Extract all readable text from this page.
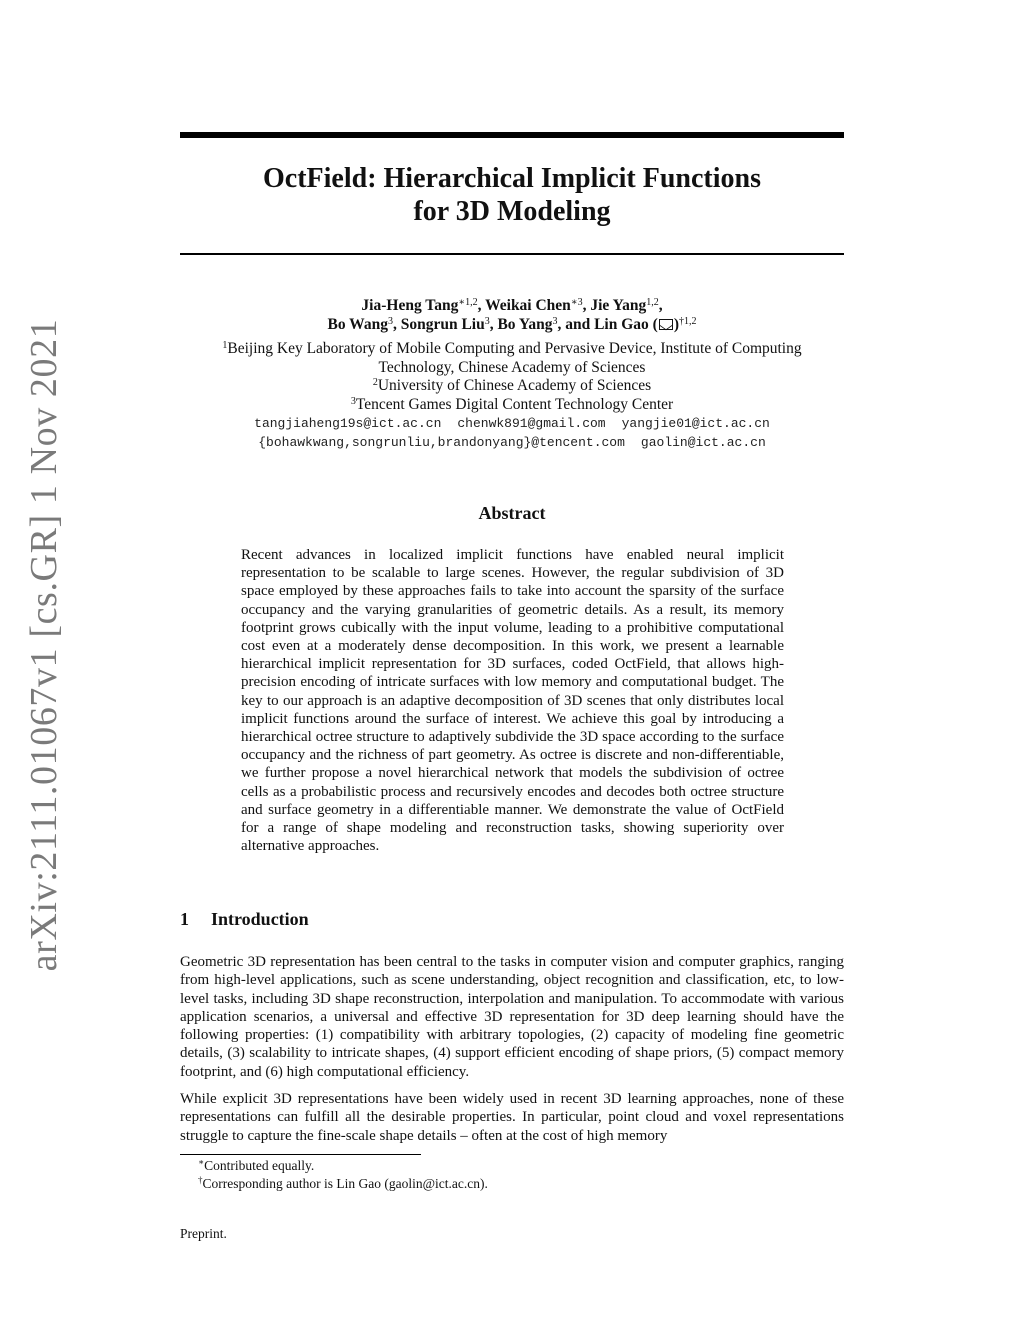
arXiv:2111.01067v1 [cs.GR] 1 Nov 2021
OctField: Hierarchical Implicit Functions
for 3D Modeling
Jia-Heng Tang$^{∗1,2}$, Weikai Chen$^{∗3}$, Jie Yang$^{1,2}$,
Bo Wang$^3$, Songrun Liu$^3$, Bo Yang$^3$, and Lin Gao ( )$^{\dagger 1,2}$
$^1$Beijing Key Laboratory of Mobile Computing and Pervasive Device, Institute of Computing
Technology, Chinese Academy of Sciences
$^2$University of Chinese Academy of Sciences
$^3$Tencent Games Digital Content Technology Center
tangjiaheng19s@ict.ac.cn chenwk891@gmail.com yangjie01@ict.ac.cn
{bohawkwang,songrunliu,brandonyang}@tencent.com gaolin@ict.ac.cn
Abstract
Recent advances in localized implicit functions have enabled neural implicit representation to be scalable to large scenes. However, the regular subdivision of 3D space employed by these approaches fails to take into account the sparsity of the surface occupancy and the varying granularities of geometric details. As a result, its memory footprint grows cubically with the input volume, leading to a prohibitive computational cost even at a moderately dense decomposition. In this work, we present a learnable hierarchical implicit representation for 3D surfaces, coded OctField, that allows high-precision encoding of intricate surfaces with low memory and computational budget. The key to our approach is an adaptive decomposition of 3D scenes that only distributes local implicit functions around the surface of interest. We achieve this goal by introducing a hierarchical octree structure to adaptively subdivide the 3D space according to the surface occupancy and the richness of part geometry. As octree is discrete and non-differentiable, we further propose a novel hierarchical network that models the subdivision of octree cells as a probabilistic process and recursively encodes and decodes both octree structure and surface geometry in a differentiable manner. We demonstrate the value of OctField for a range of shape modeling and reconstruction tasks, showing superiority over alternative approaches.
1 Introduction
Geometric 3D representation has been central to the tasks in computer vision and computer graphics, ranging from high-level applications, such as scene understanding, object recognition and classification, etc, to low-level tasks, including 3D shape reconstruction, interpolation and manipulation. To accommodate with various application scenarios, a universal and effective 3D representation for 3D deep learning should have the following properties: (1) compatibility with arbitrary topologies, (2) capacity of modeling fine geometric details, (3) scalability to intricate shapes, (4) support efficient encoding of shape priors, (5) compact memory footprint, and (6) high computational efficiency.
While explicit 3D representations have been widely used in recent 3D learning approaches, none of these representations can fulfill all the desirable properties. In particular, point cloud and voxel representations struggle to capture the fine-scale shape details – often at the cost of high memory
∗Contributed equally.
†Corresponding author is Lin Gao (gaolin@ict.ac.cn).
Preprint.
